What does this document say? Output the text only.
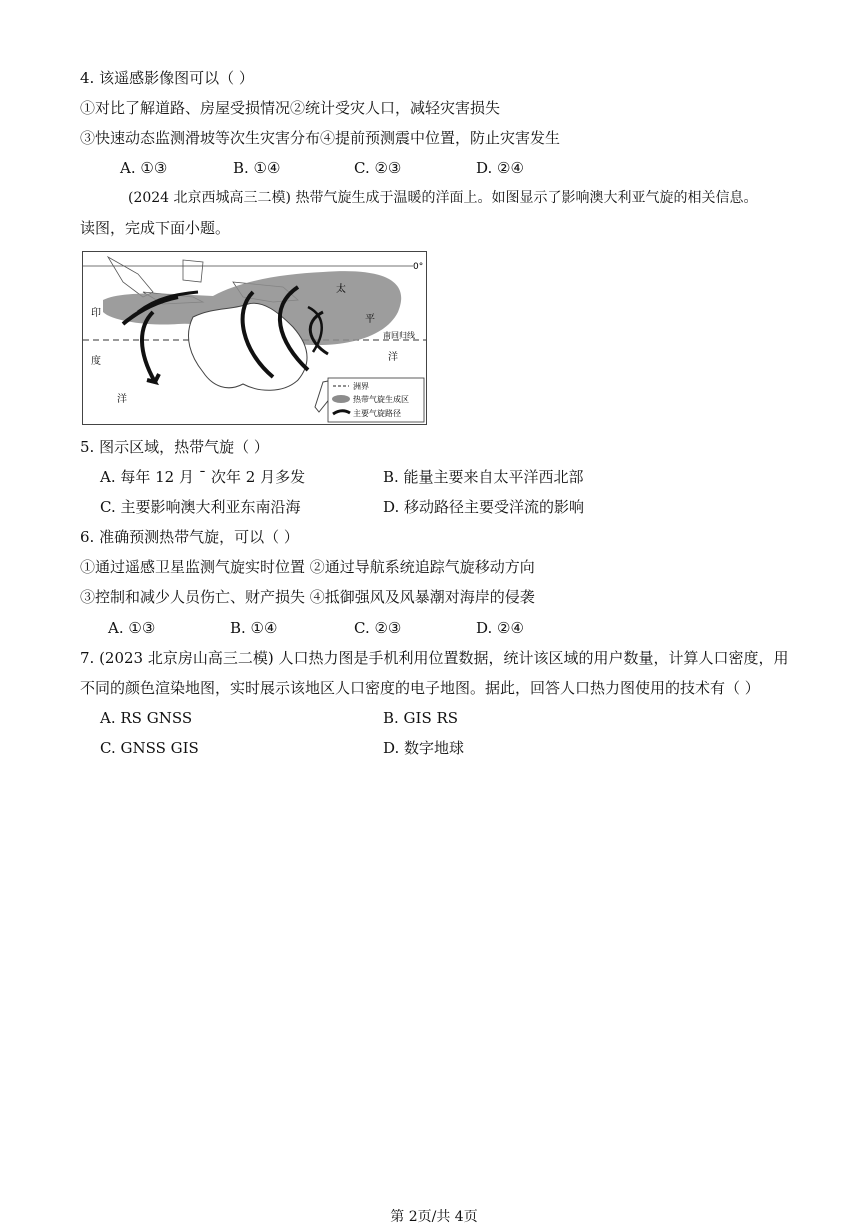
4. 该遥感影像图可以（ ）
①对比了解道路、房屋受损情况②统计受灾人口，减轻灾害损失
③快速动态监测滑坡等次生灾害分布④提前预测震中位置，防止灾害发生
A. ①③	B. ①④	C. ②③	D. ②④
(2024 北京西城高三二模) 热带气旋生成于温暖的洋面上。如图显示了影响澳大利亚气旋的相关信息。
读图，完成下面小题。
0°
南回归线
印
度
洋
太
平
洋
洲界
热带气旋生成区
主要气旋路径
5. 图示区域，热带气旋（ ）
A. 每年 12 月 ˉ 次年 2 月多发	B. 能量主要来自太平洋西北部
C. 主要影响澳大利亚东南沿海	D. 移动路径主要受洋流的影响
6. 准确预测热带气旋，可以（ ）
①通过遥感卫星监测气旋实时位置 ②通过导航系统追踪气旋移动方向
③控制和减少人员伤亡、财产损失 ④抵御强风及风暴潮对海岸的侵袭
A. ①③	B. ①④	C. ②③	D. ②④
7. (2023 北京房山高三二模) 人口热力图是手机利用位置数据，统计该区域的用户数量，计算人口密度，用
不同的颜色渲染地图，实时展示该地区人口密度的电子地图。据此，回答人口热力图使用的技术有（ ）
A. RS GNSS	B. GIS RS
C. GNSS GIS	D. 数字地球
第 2页/共 4页
